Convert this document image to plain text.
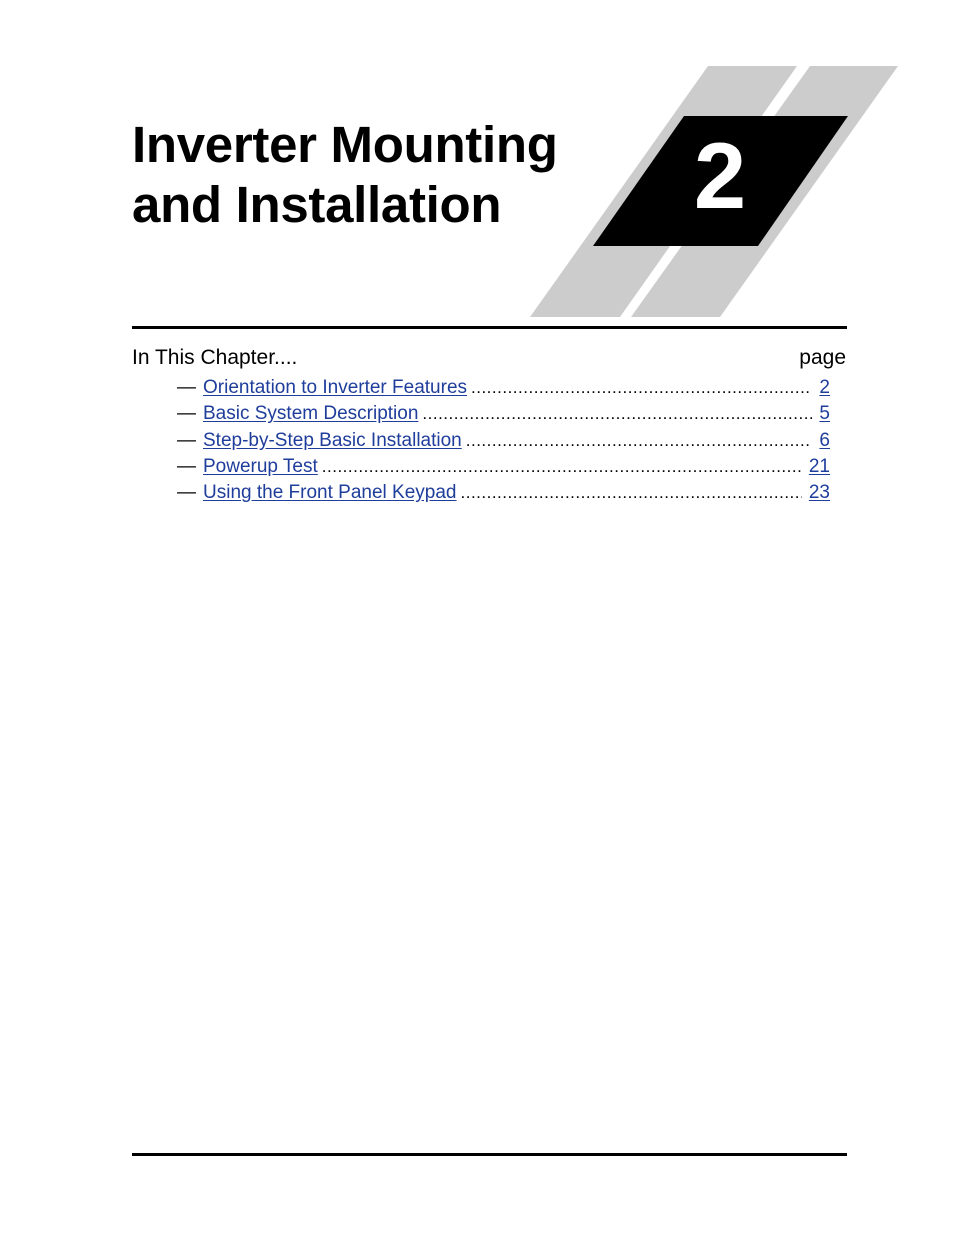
2
Inverter Mounting
and Installation
In This Chapter....	page
— Orientation to Inverter Features .....	2
— Basic System Description .....	5
— Step-by-Step Basic Installation .....	6
— Powerup Test .....	21
— Using the Front Panel Keypad .....	23
